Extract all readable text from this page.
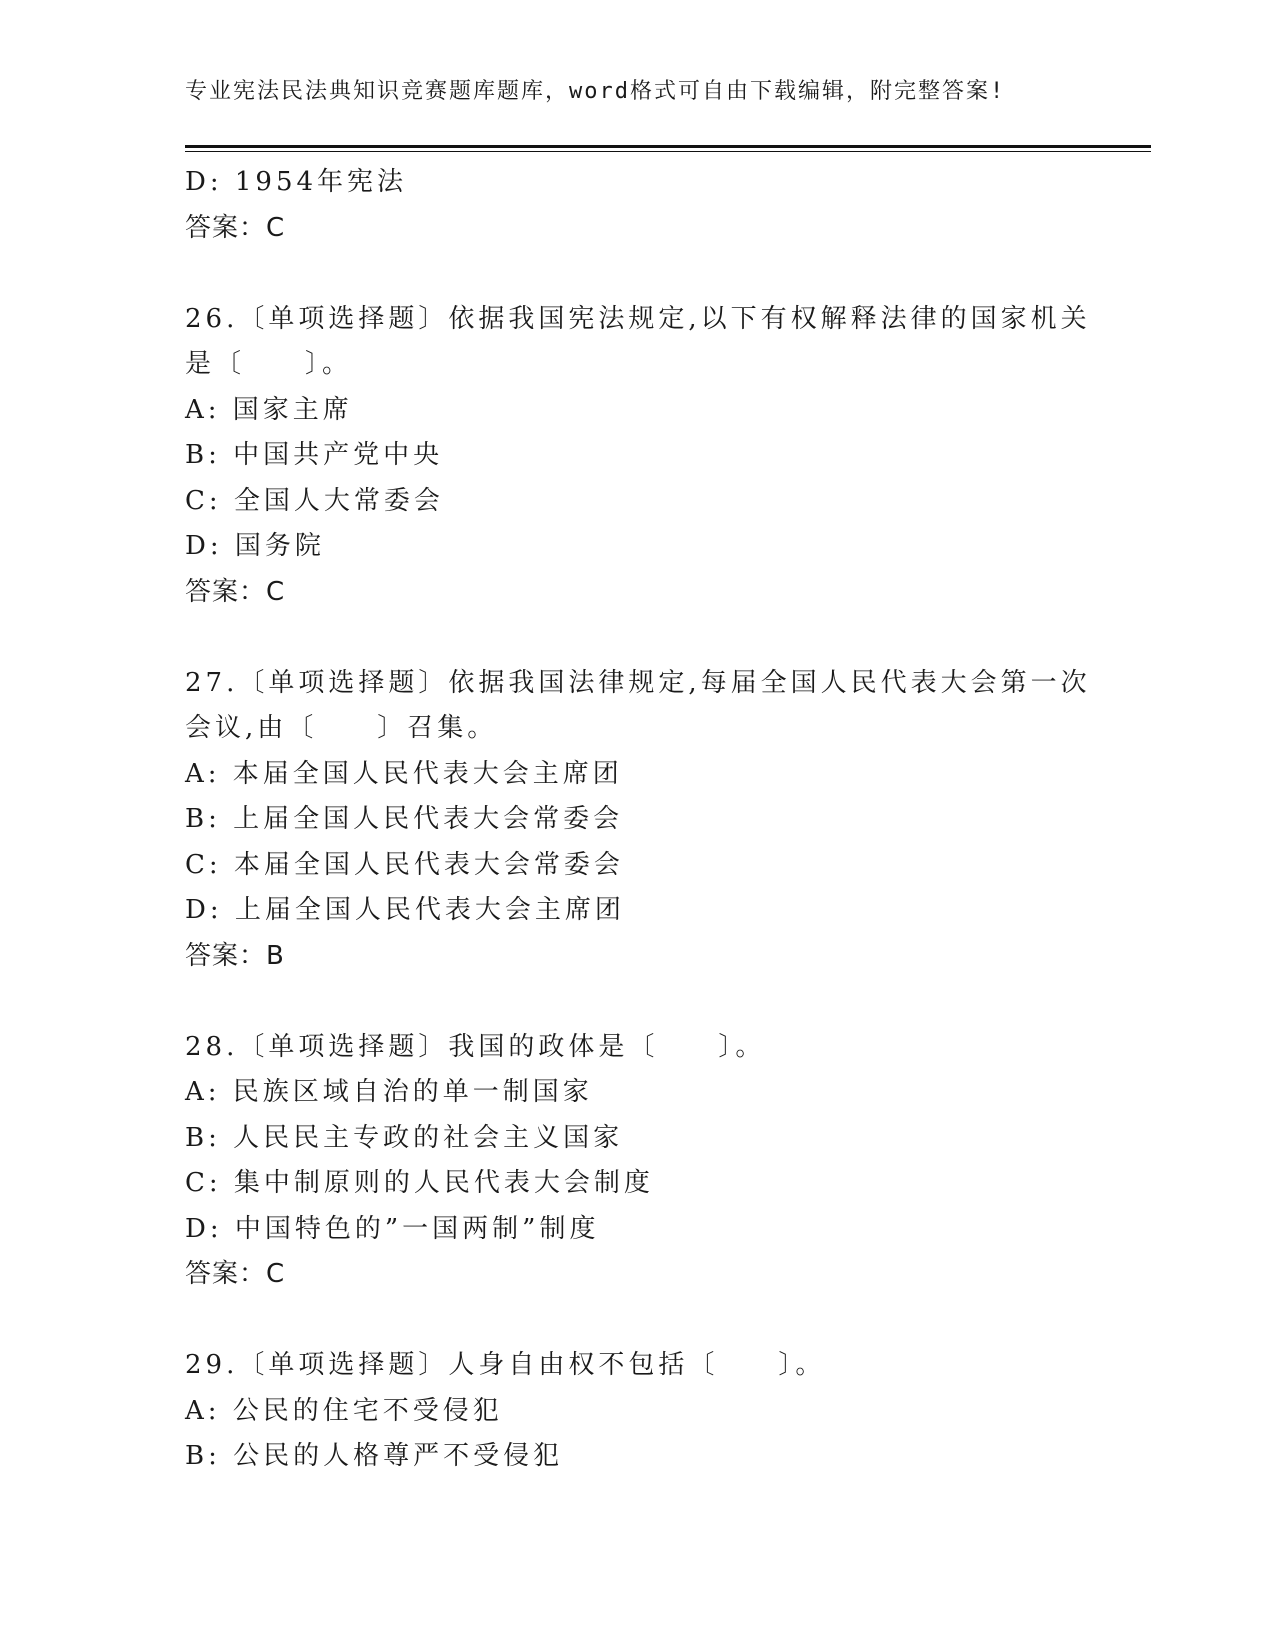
专业宪法民法典知识竞赛题库题库，word格式可自由下载编辑，附完整答案!
D: 1954年宪法
答案：C
26.〔单项选择题〕依据我国宪法规定,以下有权解释法律的国家机关
是〔　　〕。
A: 国家主席
B: 中国共产党中央
C: 全国人大常委会
D: 国务院
答案：C
27.〔单项选择题〕依据我国法律规定,每届全国人民代表大会第一次
会议,由〔　　〕召集。
A: 本届全国人民代表大会主席团
B: 上届全国人民代表大会常委会
C: 本届全国人民代表大会常委会
D: 上届全国人民代表大会主席团
答案：B
28.〔单项选择题〕我国的政体是〔　　〕。
A: 民族区域自治的单一制国家
B: 人民民主专政的社会主义国家
C: 集中制原则的人民代表大会制度
D: 中国特色的”一国两制”制度
答案：C
29.〔单项选择题〕人身自由权不包括〔　　〕。
A: 公民的住宅不受侵犯
B: 公民的人格尊严不受侵犯
